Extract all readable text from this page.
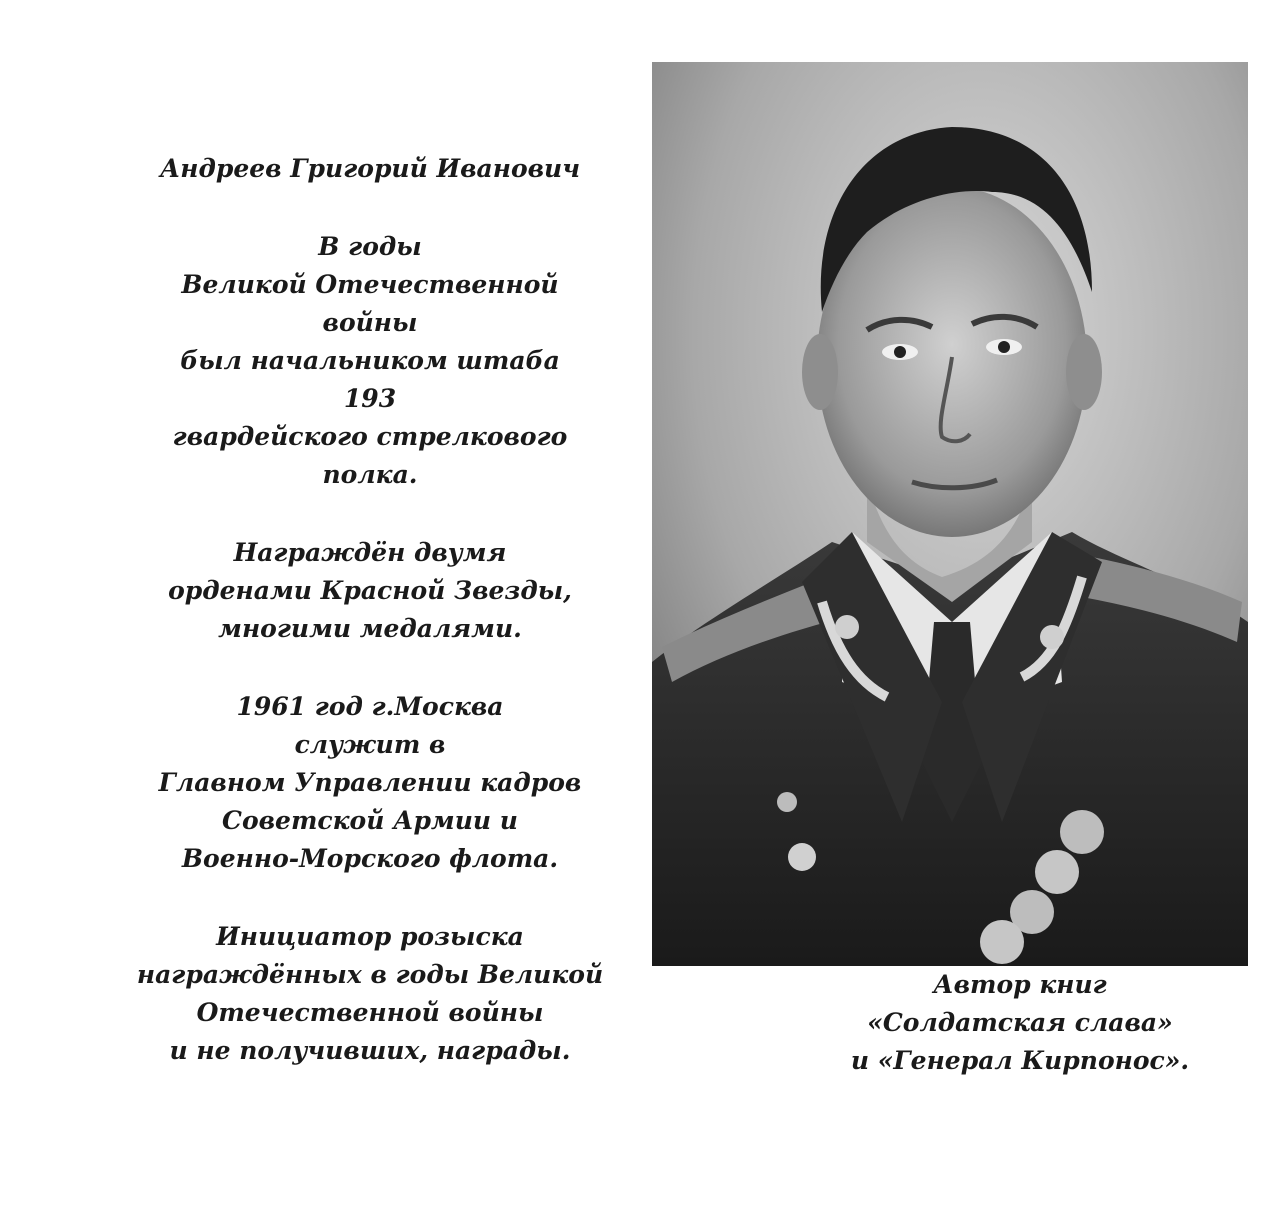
Андреев Григорий Иванович
В годы
Великой Отечественной
войны
был начальником штаба
193
гвардейского стрелкового
полка.
Награждён двумя
орденами Красной Звезды,
многими медалями.
1961 год г.Москва
служит в
Главном Управлении кадров
Советской Армии и
Военно-Морского флота.
Инициатор розыска
награждённых в годы Великой
Отечественной войны
и не получивших, награды.
Автор книг
«Солдатская слава»
и «Генерал Кирпонос».
